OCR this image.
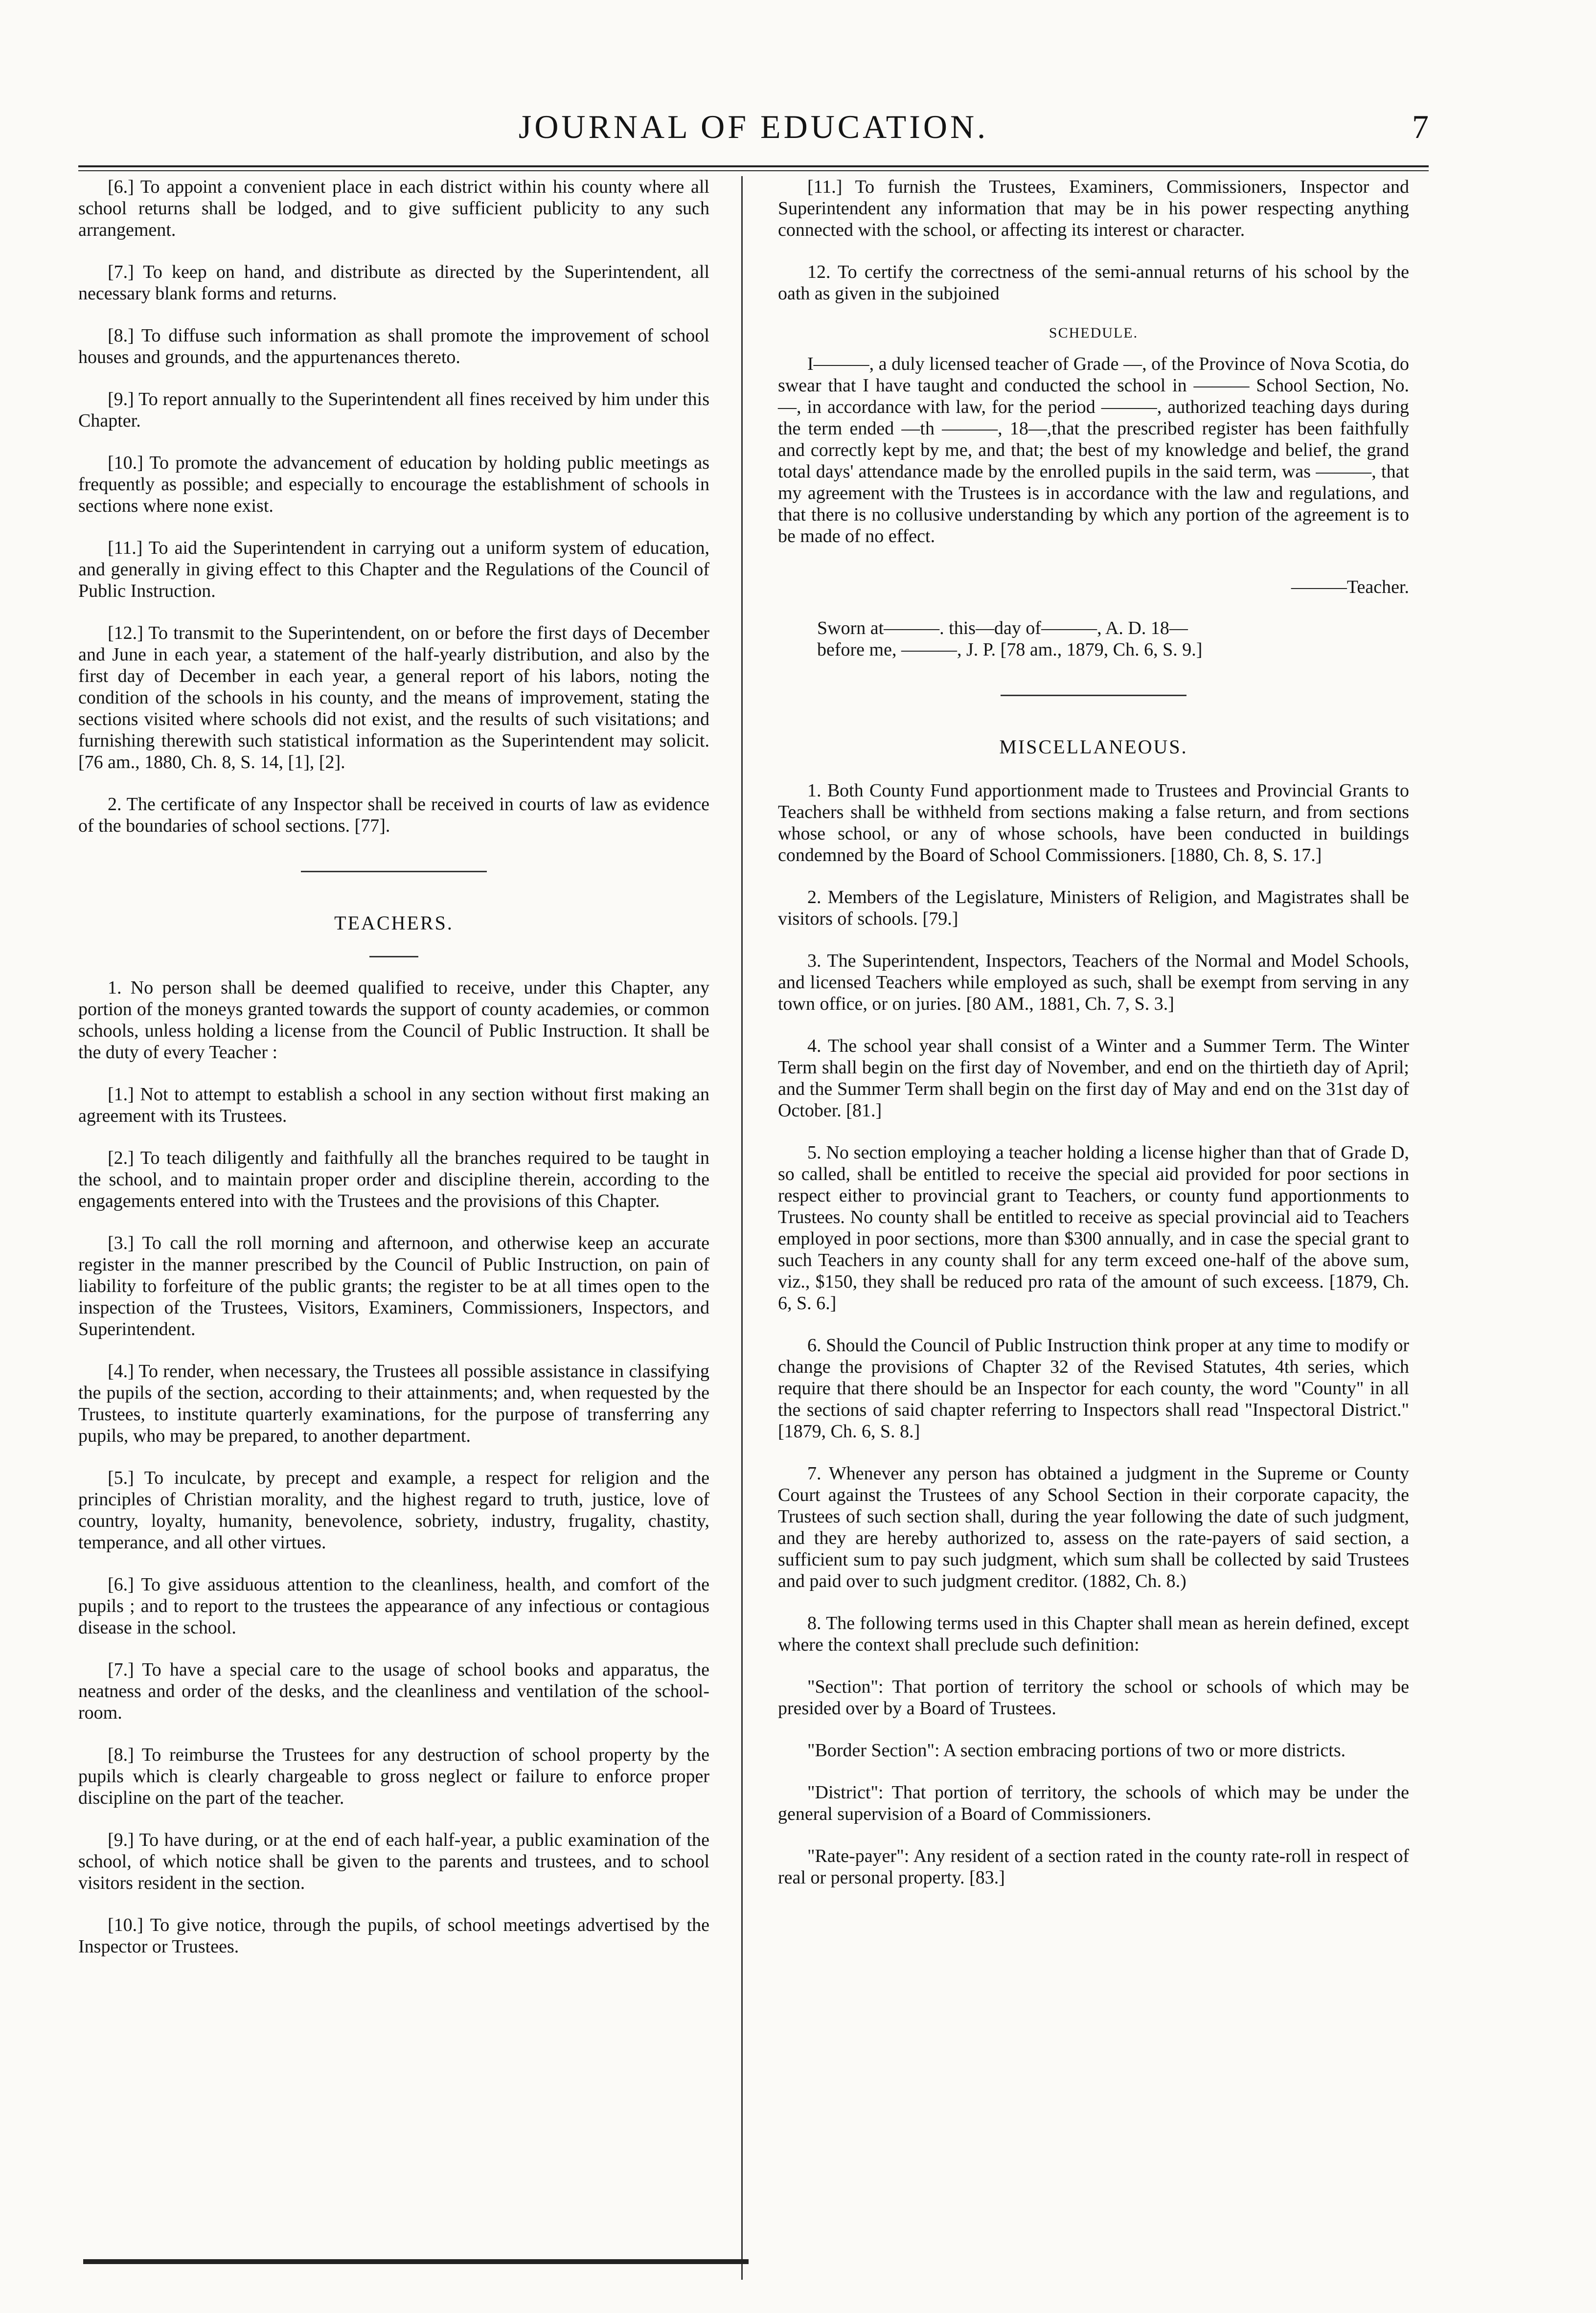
JOURNAL OF EDUCATION.	7

[6.] To appoint a convenient place in each district within his county where all school returns shall be lodged, and to give sufficient publicity to any such arrangement.

[7.] To keep on hand, and distribute as directed by the Superintendent, all necessary blank forms and returns.

[8.] To diffuse such information as shall promote the improvement of school houses and grounds, and the appurtenances thereto.

[9.] To report annually to the Superintendent all fines received by him under this Chapter.

[10.] To promote the advancement of education by holding public meetings as frequently as possible; and especially to encourage the establishment of schools in sections where none exist.

[11.] To aid the Superintendent in carrying out a uniform system of education, and generally in giving effect to this Chapter and the Regulations of the Council of Public Instruction.

[12.] To transmit to the Superintendent, on or before the first days of December and June in each year, a statement of the half-yearly distribution, and also by the first day of December in each year, a general report of his labors, noting the condition of the schools in his county, and the means of improvement, stating the sections visited where schools did not exist, and the results of such visitations; and furnishing therewith such statistical information as the Superintendent may solicit. [76 am., 1880, Ch. 8, S. 14, [1], [2].

2. The certificate of any Inspector shall be received in courts of law as evidence of the boundaries of school sections. [77].

TEACHERS.

1. No person shall be deemed qualified to receive, under this Chapter, any portion of the moneys granted towards the support of county academies, or common schools, unless holding a license from the Council of Public Instruction. It shall be the duty of every Teacher :

[1.] Not to attempt to establish a school in any section without first making an agreement with its Trustees.

[2.] To teach diligently and faithfully all the branches required to be taught in the school, and to maintain proper order and discipline therein, according to the engagements entered into with the Trustees and the provisions of this Chapter.

[3.] To call the roll morning and afternoon, and otherwise keep an accurate register in the manner prescribed by the Council of Public Instruction, on pain of liability to forfeiture of the public grants; the register to be at all times open to the inspection of the Trustees, Visitors, Examiners, Commissioners, Inspectors, and Superintendent.

[4.] To render, when necessary, the Trustees all possible assistance in classifying the pupils of the section, according to their attainments; and, when requested by the Trustees, to institute quarterly examinations, for the purpose of transferring any pupils, who may be prepared, to another department.

[5.] To inculcate, by precept and example, a respect for religion and the principles of Christian morality, and the highest regard to truth, justice, love of country, loyalty, humanity, benevolence, sobriety, industry, frugality, chastity, temperance, and all other virtues.

[6.] To give assiduous attention to the cleanliness, health, and comfort of the pupils ; and to report to the trustees the appearance of any infectious or contagious disease in the school.

[7.] To have a special care to the usage of school books and apparatus, the neatness and order of the desks, and the cleanliness and ventilation of the school-room.

[8.] To reimburse the Trustees for any destruction of school property by the pupils which is clearly chargeable to gross neglect or failure to enforce proper discipline on the part of the teacher.

[9.] To have during, or at the end of each half-year, a public examination of the school, of which notice shall be given to the parents and trustees, and to school visitors resident in the section.

[10.] To give notice, through the pupils, of school meetings advertised by the Inspector or Trustees.

[11.] To furnish the Trustees, Examiners, Commissioners, Inspector and Superintendent any information that may be in his power respecting anything connected with the school, or affecting its interest or character.

12. To certify the correctness of the semi-annual returns of his school by the oath as given in the subjoined

SCHEDULE.

I———, a duly licensed teacher of Grade —, of the Province of Nova Scotia, do swear that I have taught and conducted the school in ——— School Section, No. —, in accordance with law, for the period ———, authorized teaching days during the term ended —th ———, 18—,that the prescribed register has been faithfully and correctly kept by me, and that; the best of my knowledge and belief, the grand total days' attendance made by the enrolled pupils in the said term, was ———, that my agreement with the Trustees is in accordance with the law and regulations, and that there is no collusive understanding by which any portion of the agreement is to be made of no effect.

———Teacher.

Sworn at———. this—day of———, A. D. 18—

before me, ———, J. P. [78 am., 1879, Ch. 6, S. 9.]

MISCELLANEOUS.

1. Both County Fund apportionment made to Trustees and Provincial Grants to Teachers shall be withheld from sections making a false return, and from sections whose school, or any of whose schools, have been conducted in buildings condemned by the Board of School Commissioners. [1880, Ch. 8, S. 17.]

2. Members of the Legislature, Ministers of Religion, and Magistrates shall be visitors of schools. [79.]

3. The Superintendent, Inspectors, Teachers of the Normal and Model Schools, and licensed Teachers while employed as such, shall be exempt from serving in any town office, or on juries. [80 AM., 1881, Ch. 7, S. 3.]

4. The school year shall consist of a Winter and a Summer Term. The Winter Term shall begin on the first day of November, and end on the thirtieth day of April; and the Summer Term shall begin on the first day of May and end on the 31st day of October. [81.]

5. No section employing a teacher holding a license higher than that of Grade D, so called, shall be entitled to receive the special aid provided for poor sections in respect either to provincial grant to Teachers, or county fund apportionments to Trustees. No county shall be entitled to receive as special provincial aid to Teachers employed in poor sections, more than $300 annually, and in case the special grant to such Teachers in any county shall for any term exceed one-half of the above sum, viz., $150, they shall be reduced pro rata of the amount of such exceess. [1879, Ch. 6, S. 6.]

6. Should the Council of Public Instruction think proper at any time to modify or change the provisions of Chapter 32 of the Revised Statutes, 4th series, which require that there should be an Inspector for each county, the word "County" in all the sections of said chapter referring to Inspectors shall read "Inspectoral District." [1879, Ch. 6, S. 8.]

7. Whenever any person has obtained a judgment in the Supreme or County Court against the Trustees of any School Section in their corporate capacity, the Trustees of such section shall, during the year following the date of such judgment, and they are hereby authorized to, assess on the rate-payers of said section, a sufficient sum to pay such judgment, which sum shall be collected by said Trustees and paid over to such judgment creditor. (1882, Ch. 8.)

8. The following terms used in this Chapter shall mean as herein defined, except where the context shall preclude such definition:

"Section": That portion of territory the school or schools of which may be presided over by a Board of Trustees.

"Border Section": A section embracing portions of two or more districts.

"District": That portion of territory, the schools of which may be under the general supervision of a Board of Commissioners.

"Rate-payer": Any resident of a section rated in the county rate-roll in respect of real or personal property. [83.]
